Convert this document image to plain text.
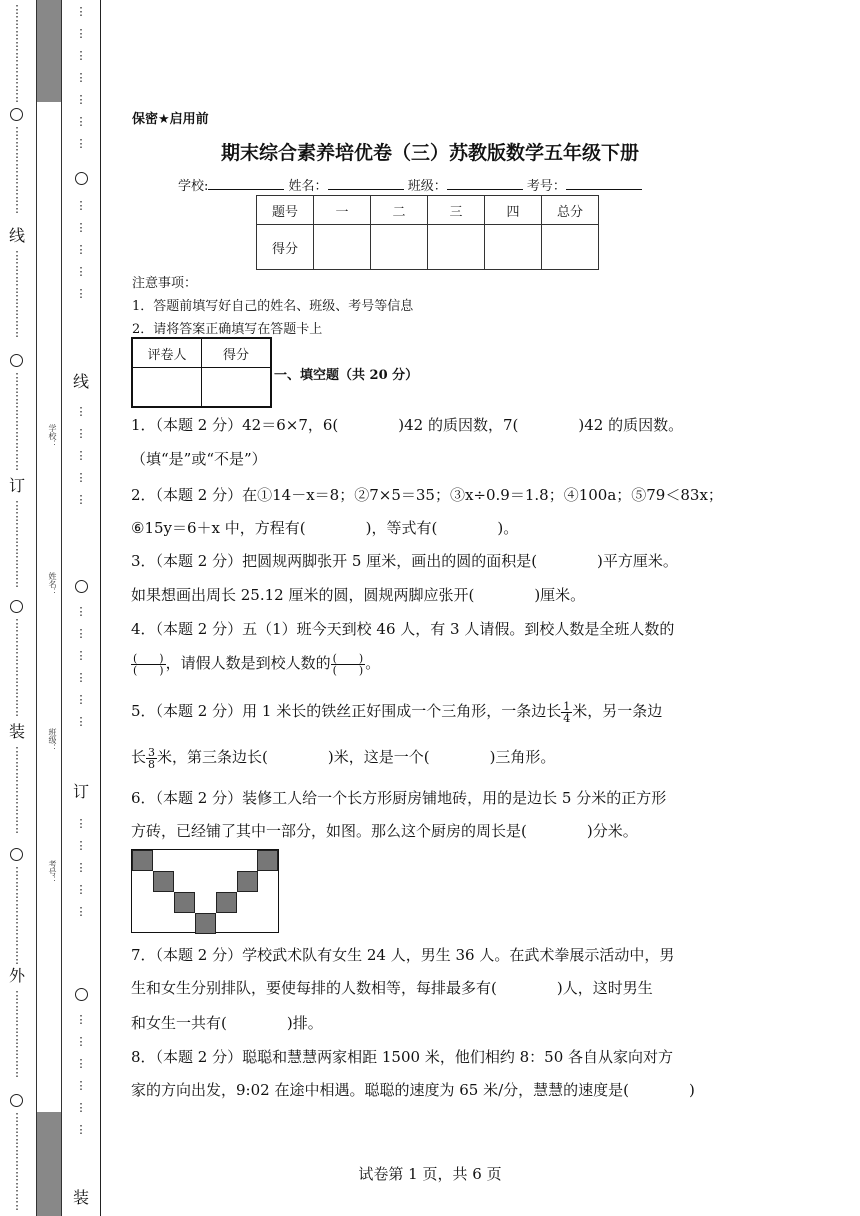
⋮
⋮
⋮
⋮
⋮
⋮
⋮
⋮
⋮
⋮
⋮
⋮
⋮
⋮
⋮
⋮
⋮
线
⋮
⋮
⋮
⋮
⋮
⋮
⋮
⋮
⋮
⋮
⋮
⋮
⋮
⋮
⋮
⋮
⋮
订
⋮
⋮
⋮
⋮
⋮
⋮
⋮
⋮
⋮
⋮
⋮
⋮
⋮
⋮
⋮
⋮
⋮
装
⋮
⋮
⋮
⋮
⋮
⋮
⋮
⋮
⋮
⋮
⋮
⋮
⋮
⋮
⋮
⋮
⋮
外
⋮
⋮
⋮
⋮
⋮
⋮
⋮
⋮
⋮
⋮
⋮
⋮
⋮
⋮
⋮
⋮
⋮
学校：
姓名：
班级：
考号：
⋮

⋮

⋮

⋮

⋮

⋮

⋮
⋮

⋮

⋮

⋮

⋮
线
⋮

⋮

⋮

⋮

⋮
⋮

⋮

⋮

⋮

⋮

⋮
订
⋮

⋮

⋮

⋮

⋮
⋮

⋮

⋮

⋮

⋮

⋮
装
保密★启用前
期末综合素养培优卷（三）苏教版数学五年级下册
学校:	姓名：	班级：	考号：
题号	一	二	三	四	总分
得分					
注意事项：
1．答题前填写好自己的姓名、班级、考号等信息
2．请将答案正确填写在答题卡上
评卷人	得分

一、填空题（共 20 分）
1．（本题 2 分）42＝6×7，6(　　　　)42 的质因数，7(　　　　)42 的质因数。
（填“是”或“不是”）
2．（本题 2 分）在①14－x＝8；②7×5＝35；③x÷0.9＝1.8；④100a；⑤79＜83x；
⑥15y＝6＋x 中，方程有(　　　　)，等式有(　　　　)。
3．（本题 2 分）把圆规两脚张开 5 厘米，画出的圆的面积是(　　　　)平方厘米。
如果想画出周长 25.12 厘米的圆，圆规两脚应张开(　　　　)厘米。
4．（本题 2 分）五（1）班今天到校 46 人，有 3 人请假。到校人数是全班人数的
$\frac{( )}{( )}$ ，请假人数是到校人数的 $\frac{( )}{( )}$ 。
5．（本题 2 分）用 1 米长的铁丝正好围成一个三角形，一条边长 $\frac{1}{4}$ 米，另一条边
长 $\frac{3}{8}$ 米，第三条边长(　　　　)米，这是一个(　　　　)三角形。
6．（本题 2 分）装修工人给一个长方形厨房铺地砖，用的是边长 5 分米的正方形
方砖，已经铺了其中一部分，如图。那么这个厨房的周长是(　　　　)分米。
7．（本题 2 分）学校武术队有女生 24 人，男生 36 人。在武术拳展示活动中，男
生和女生分别排队，要使每排的人数相等，每排最多有(　　　　)人，这时男生
和女生一共有(　　　　)排。
8．（本题 2 分）聪聪和慧慧两家相距 1500 米，他们相约 8：50 各自从家向对方
家的方向出发，9:02 在途中相遇。聪聪的速度为 65 米/分，慧慧的速度是(　　　　)
试卷第 1 页，共 6 页
